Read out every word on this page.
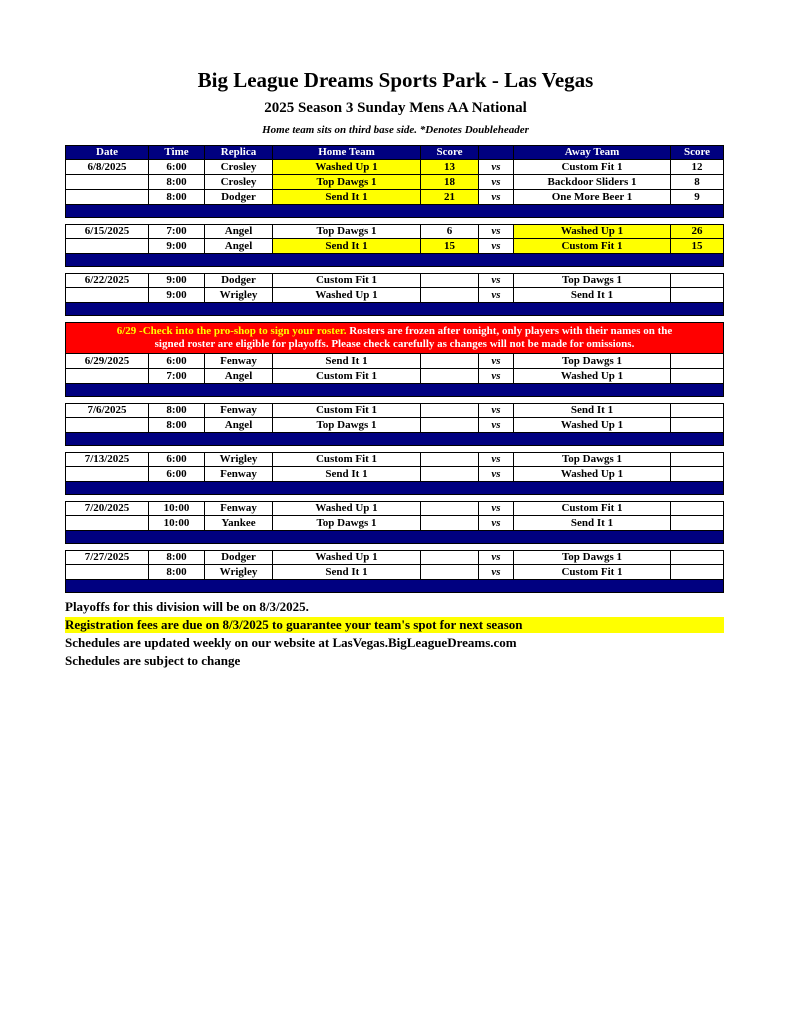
Big League Dreams Sports Park - Las Vegas
2025 Season 3 Sunday Mens AA National
Home team sits on third base side. *Denotes Doubleheader
Date	Time	Replica	Home Team	Score	Away Team	Score
6/8/2025	6:00	Crosley	Washed Up 1	13	vs	Custom Fit 1	12
8:00	Crosley	Top Dawgs 1	18	vs	Backdoor Sliders 1	8
8:00	Dodger	Send It 1	21	vs	One More Beer 1	9
6/15/2025	7:00	Angel	Top Dawgs 1	6	vs	Washed Up 1	26
9:00	Angel	Send It 1	15	vs	Custom Fit 1	15
6/22/2025	9:00	Dodger	Custom Fit 1	vs	Top Dawgs 1
9:00	Wrigley	Washed Up 1	vs	Send It 1
6/29 -Check into the pro-shop to sign your roster. Rosters are frozen after tonight, only players with their names on the
signed roster are eligible for playoffs. Please check carefully as changes will not be made for omissions.
6/29/2025	6:00	Fenway	Send It 1	vs	Top Dawgs 1
7:00	Angel	Custom Fit 1	vs	Washed Up 1
7/6/2025	8:00	Fenway	Custom Fit 1	vs	Send It 1
8:00	Angel	Top Dawgs 1	vs	Washed Up 1
7/13/2025	6:00	Wrigley	Custom Fit 1	vs	Top Dawgs 1
6:00	Fenway	Send It 1	vs	Washed Up 1
7/20/2025	10:00	Fenway	Washed Up 1	vs	Custom Fit 1
10:00	Yankee	Top Dawgs 1	vs	Send It 1
7/27/2025	8:00	Dodger	Washed Up 1	vs	Top Dawgs 1
8:00	Wrigley	Send It 1	vs	Custom Fit 1
Playoffs for this division will be on 8/3/2025.
Registration fees are due on 8/3/2025 to guarantee your team's spot for next season
Schedules are updated weekly on our website at LasVegas.BigLeagueDreams.com
Schedules are subject to change
